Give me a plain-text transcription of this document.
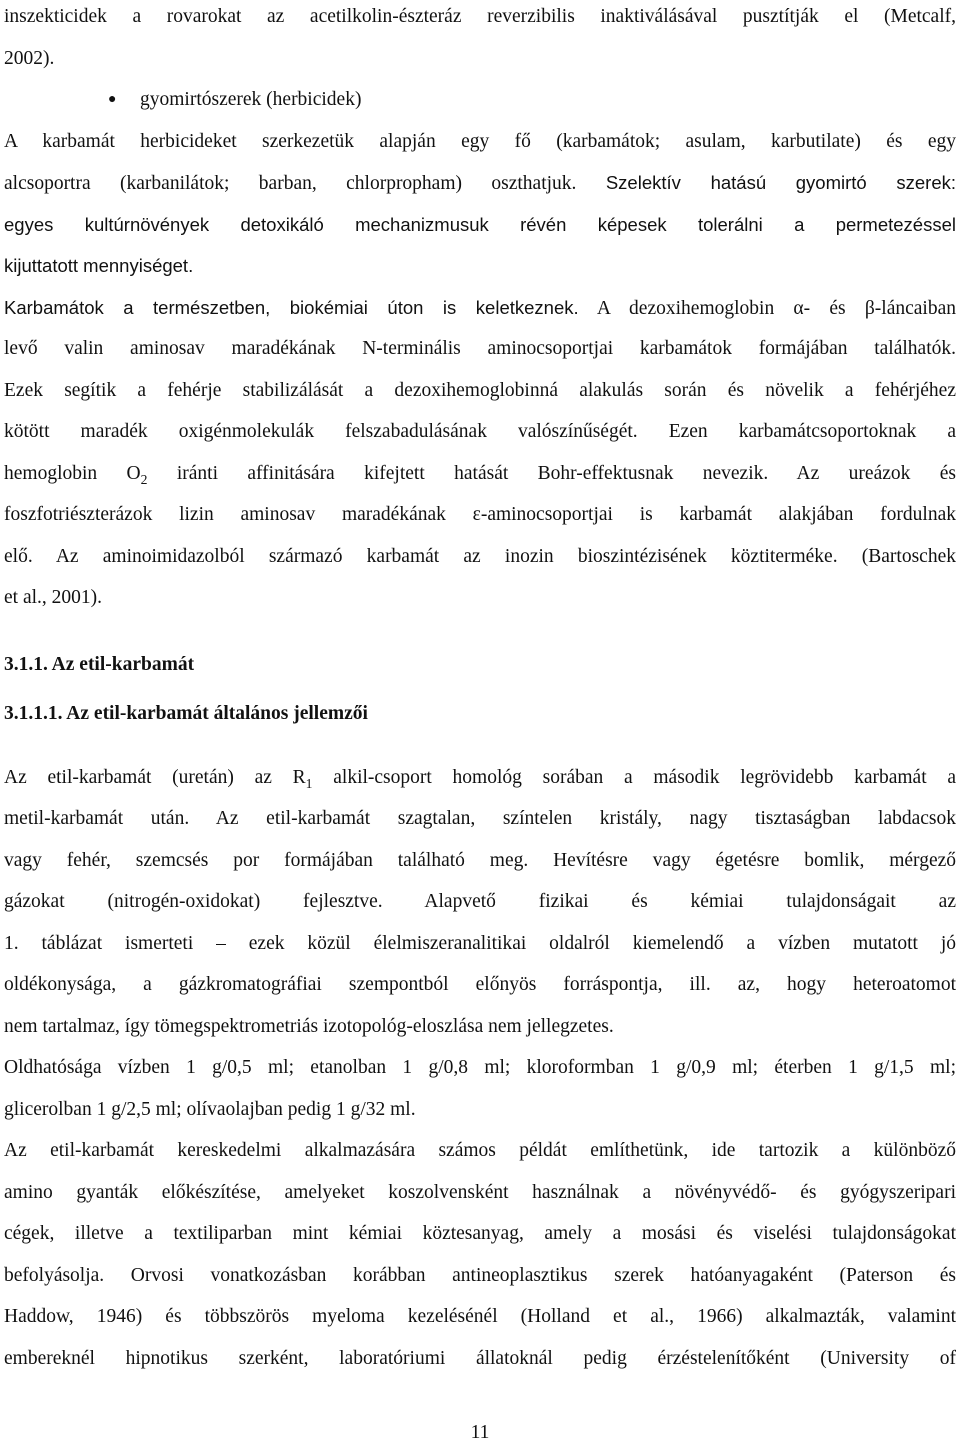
inszekticidek a rovarokat az acetilkolin-észteráz reverzibilis inaktiválásával pusztítják el (Metcalf,
2002).
● gyomirtószerek (herbicidek)
A karbamát herbicideket szerkezetük alapján egy fő (karbamátok; asulam, karbutilate) és egy
alcsoportra (karbanilátok; barban, chlorpropham) oszthatjuk. Szelektív hatású gyomirtó szerek:
egyes kultúrnövények detoxikáló mechanizmusuk révén képesek tolerálni a permetezéssel
kijuttatott mennyiséget.
Karbamátok a természetben, biokémiai úton is keletkeznek. A dezoxihemoglobin α- és β-láncaiban
levő valin aminosav maradékának N-terminális aminocsoportjai karbamátok formájában találhatók.
Ezek segítik a fehérje stabilizálását a dezoxihemoglobinná alakulás során és növelik a fehérjéhez
kötött maradék oxigénmolekulák felszabadulásának valószínűségét. Ezen karbamátcsoportoknak a
hemoglobin $O_2$ iránti affinitására kifejtett hatását Bohr-effektusnak nevezik. Az ureázok és
foszfotriészterázok lizin aminosav maradékának ε-aminocsoportjai is karbamát alakjában fordulnak
elő. Az aminoimidazolból származó karbamát az inozin bioszintézisének köztiterméke. (Bartoschek
et al., 2001).
3.1.1. Az etil-karbamát
3.1.1.1. Az etil-karbamát általános jellemzői
Az etil-karbamát (uretán) az $R_1$ alkil-csoport homológ sorában a második legrövidebb karbamát a
metil-karbamát után. Az etil-karbamát szagtalan, színtelen kristály, nagy tisztaságban labdacsok
vagy fehér, szemcsés por formájában található meg. Hevítésre vagy égetésre bomlik, mérgező
gázokat (nitrogén-oxidokat) fejlesztve. Alapvető fizikai és kémiai tulajdonságait az
1. táblázat ismerteti – ezek közül élelmiszeranalitikai oldalról kiemelendő a vízben mutatott jó
oldékonysága, a gázkromatográfiai szempontból előnyös forráspontja, ill. az, hogy heteroatomot
nem tartalmaz, így tömegspektrometriás izotopológ-eloszlása nem jellegzetes.
Oldhatósága vízben 1 g/0,5 ml; etanolban 1 g/0,8 ml; kloroformban 1 g/0,9 ml; éterben 1 g/1,5 ml;
glicerolban 1 g/2,5 ml; olívaolajban pedig 1 g/32 ml.
Az etil-karbamát kereskedelmi alkalmazására számos példát említhetünk, ide tartozik a különböző
amino gyanták előkészítése, amelyeket koszolvensként használnak a növényvédő- és gyógyszeripari
cégek, illetve a textiliparban mint kémiai köztesanyag, amely a mosási és viselési tulajdonságokat
befolyásolja. Orvosi vonatkozásban korábban antineoplasztikus szerek hatóanyagaként (Paterson és
Haddow, 1946) és többszörös myeloma kezelésénél (Holland et al., 1966) alkalmazták, valamint
embereknél hipnotikus szerként, laboratóriumi állatoknál pedig érzéstelenítőként (University of
11
